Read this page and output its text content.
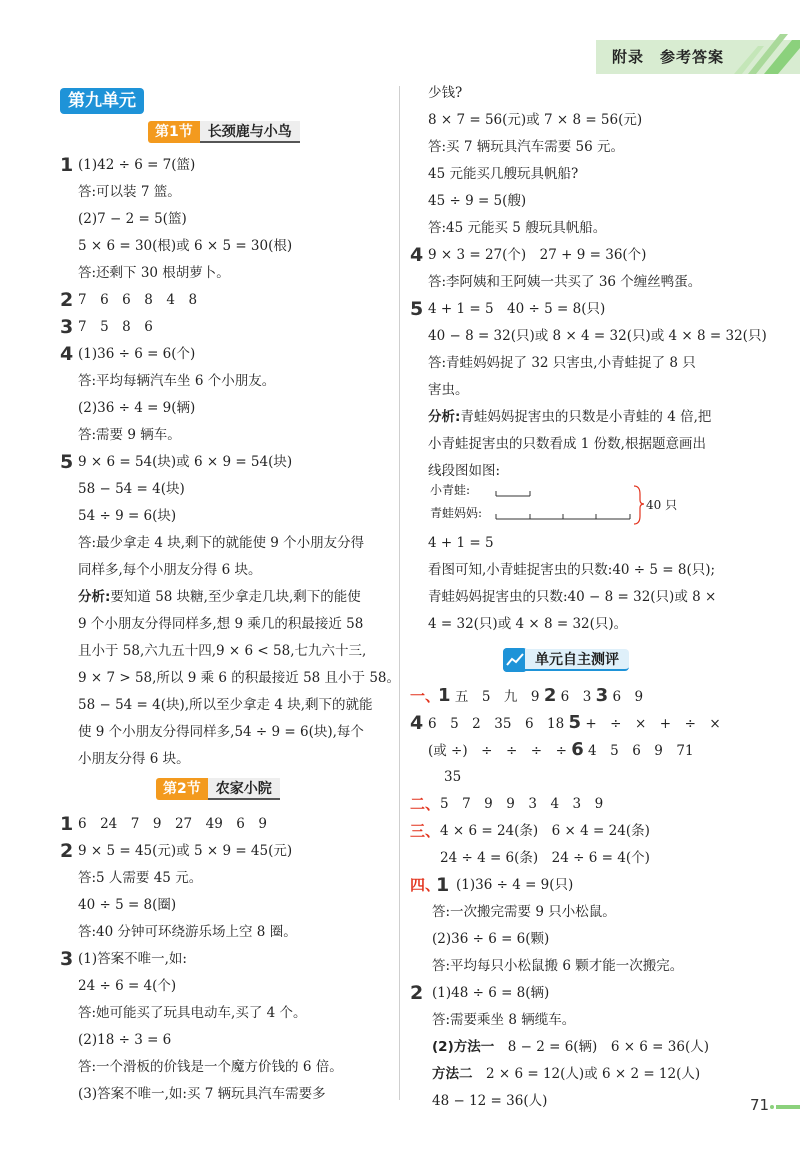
附录　参考答案
第九单元
第1节	长颈鹿与小鸟
1 (1)42 ÷ 6 = 7(篮)
答:可以装 7 篮。
(2)7 − 2 = 5(篮)
5 × 6 = 30(根)或 6 × 5 = 30(根)
答:还剩下 30 根胡萝卜。
2 7　6　6　8　4　8
3 7　5　8　6
4 (1)36 ÷ 6 = 6(个)
答:平均每辆汽车坐 6 个小朋友。
(2)36 ÷ 4 = 9(辆)
答:需要 9 辆车。
5 9 × 6 = 54(块)或 6 × 9 = 54(块)
58 − 54 = 4(块)
54 ÷ 9 = 6(块)
答:最少拿走 4 块,剩下的就能使 9 个小朋友分得
同样多,每个小朋友分得 6 块。
分析:要知道 58 块糖,至少拿走几块,剩下的能使
9 个小朋友分得同样多,想 9 乘几的积最接近 58
且小于 58,六九五十四,9 × 6 < 58,七九六十三,
9 × 7 > 58,所以 9 乘 6 的积最接近 58 且小于 58。
58 − 54 = 4(块),所以至少拿走 4 块,剩下的就能
使 9 个小朋友分得同样多,54 ÷ 9 = 6(块),每个
小朋友分得 6 块。
第2节	农家小院
1 6　24　7　9　27　49　6　9
2 9 × 5 = 45(元)或 5 × 9 = 45(元)
答:5 人需要 45 元。
40 ÷ 5 = 8(圈)
答:40 分钟可环绕游乐场上空 8 圈。
3 (1)答案不唯一,如:
24 ÷ 6 = 4(个)
答:她可能买了玩具电动车,买了 4 个。
(2)18 ÷ 3 = 6
答:一个滑板的价钱是一个魔方价钱的 6 倍。
(3)答案不唯一,如:买 7 辆玩具汽车需要多
少钱?
8 × 7 = 56(元)或 7 × 8 = 56(元)
答:买 7 辆玩具汽车需要 56 元。
45 元能买几艘玩具帆船?
45 ÷ 9 = 5(艘)
答:45 元能买 5 艘玩具帆船。
4 9 × 3 = 27(个)　27 + 9 = 36(个)
答:李阿姨和王阿姨一共买了 36 个缠丝鸭蛋。
5 4 + 1 = 5　40 ÷ 5 = 8(只)
40 − 8 = 32(只)或 8 × 4 = 32(只)或 4 × 8 = 32(只)
答:青蛙妈妈捉了 32 只害虫,小青蛙捉了 8 只
害虫。
分析:青蛙妈妈捉害虫的只数是小青蛙的 4 倍,把
小青蛙捉害虫的只数看成 1 份数,根据题意画出
线段图如图:
小青蛙:
青蛙妈妈:
40 只
4 + 1 = 5
看图可知,小青蛙捉害虫的只数:40 ÷ 5 = 8(只);
青蛙妈妈捉害虫的只数:40 − 8 = 32(只)或 8 ×
4 = 32(只)或 4 × 8 = 32(只)。
单元自主测评
一、
1 五　5　九　9 2 6　3 3 6　9
4 6　5　2　35　6　18 5 +　÷　×　+　÷　×
(或 ÷)　÷　÷　÷　÷ 6 4　5　6　9　71
35
二、 5　7　9　9　3　4　3　9
三、 4 × 6 = 24(条)　6 × 4 = 24(条)
24 ÷ 4 = 6(条)　24 ÷ 6 = 4(个)
四、
1 (1)36 ÷ 4 = 9(只)
答:一次搬完需要 9 只小松鼠。
(2)36 ÷ 6 = 6(颗)
答:平均每只小松鼠搬 6 颗才能一次搬完。
2 (1)48 ÷ 6 = 8(辆)
答:需要乘坐 8 辆缆车。
(2)方法一　 8 − 2 = 6(辆)　6 × 6 = 36(人)
方法二　 2 × 6 = 12(人)或 6 × 2 = 12(人)
48 − 12 = 36(人)	71
